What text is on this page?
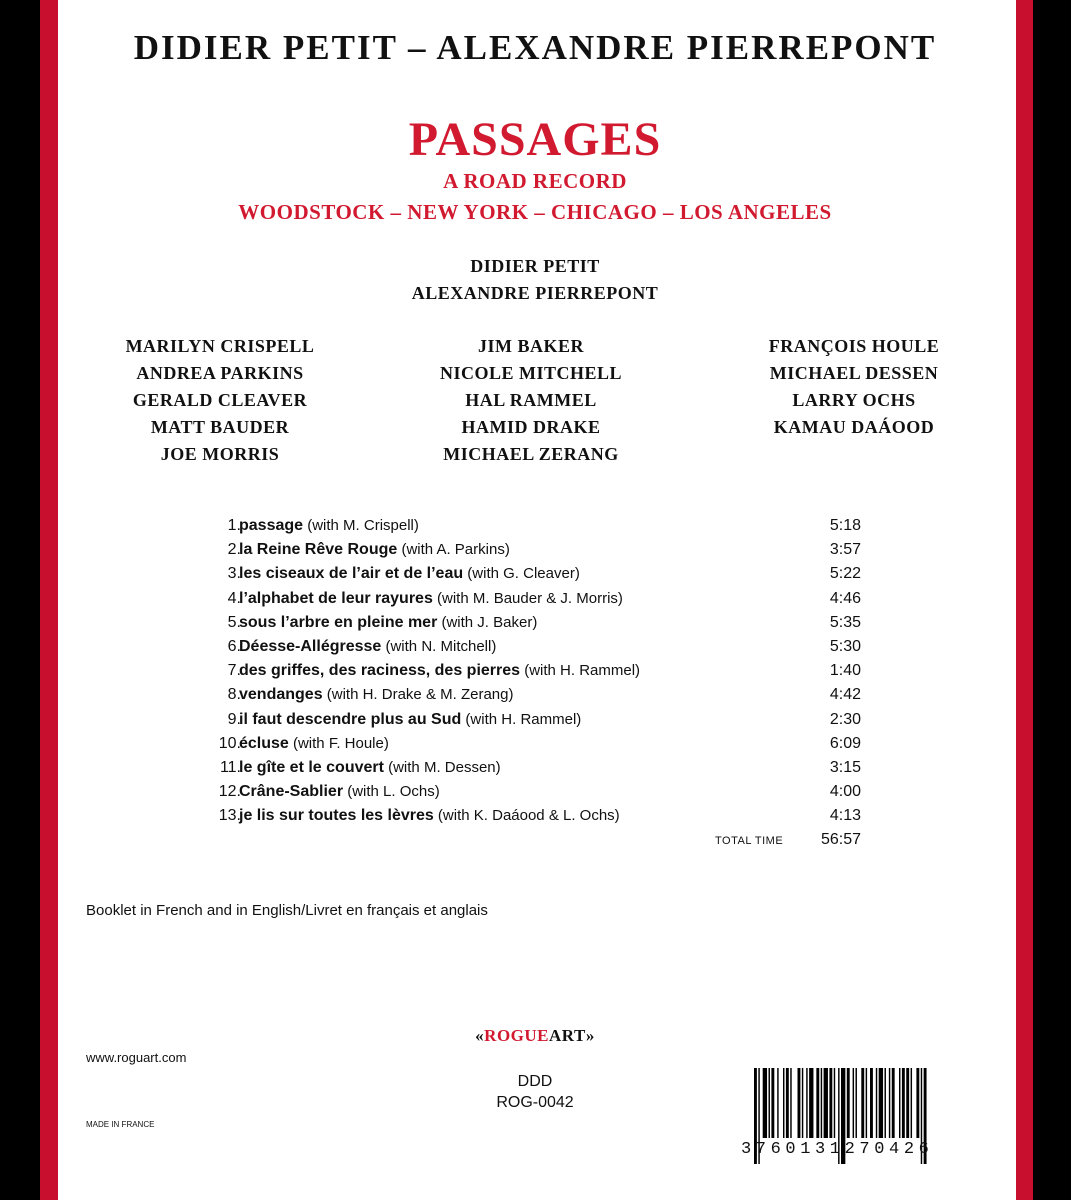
DIDIER PETIT – ALEXANDRE PIERREPONT
PASSAGES
A ROAD RECORD
WOODSTOCK – NEW YORK – CHICAGO – LOS ANGELES
DIDIER PETIT
ALEXANDRE PIERREPONT
MARILYN CRISPELL
ANDREA PARKINS
GERALD CLEAVER
MATT BAUDER
JOE MORRIS
JIM BAKER
NICOLE MITCHELL
HAL RAMMEL
HAMID DRAKE
MICHAEL ZERANG
FRANÇOIS HOULE
MICHAEL DESSEN
LARRY OCHS
KAMAU DAÁOOD
1.
passage (with M. Crispell)	5:18
2.
la Reine Rêve Rouge (with A. Parkins)	3:57
3.
les ciseaux de l’air et de l’eau (with G. Cleaver)	5:22
4.
l’alphabet de leur rayures (with M. Bauder & J. Morris)	4:46
5.
sous l’arbre en pleine mer (with J. Baker)	5:35
6.
Déesse-Allégresse (with N. Mitchell)	5:30
7.
des griffes, des raciness, des pierres (with H. Rammel)	1:40
8.
vendanges (with H. Drake & M. Zerang)	4:42
9.
il faut descendre plus au Sud (with H. Rammel)	2:30
10.
écluse (with F. Houle)	6:09
11.
le gîte et le couvert (with M. Dessen)	3:15
12.
Crâne-Sablier (with L. Ochs)	4:00
13.
je lis sur toutes les lèvres (with K. Daáood & L. Ochs)	4:13
TOTAL TIME 56:57
Booklet in French and in English/Livret en français et anglais
«ROGUEART»
www.roguart.com
DDD
ROG-0042
MADE IN FRANCE
3760131270426
